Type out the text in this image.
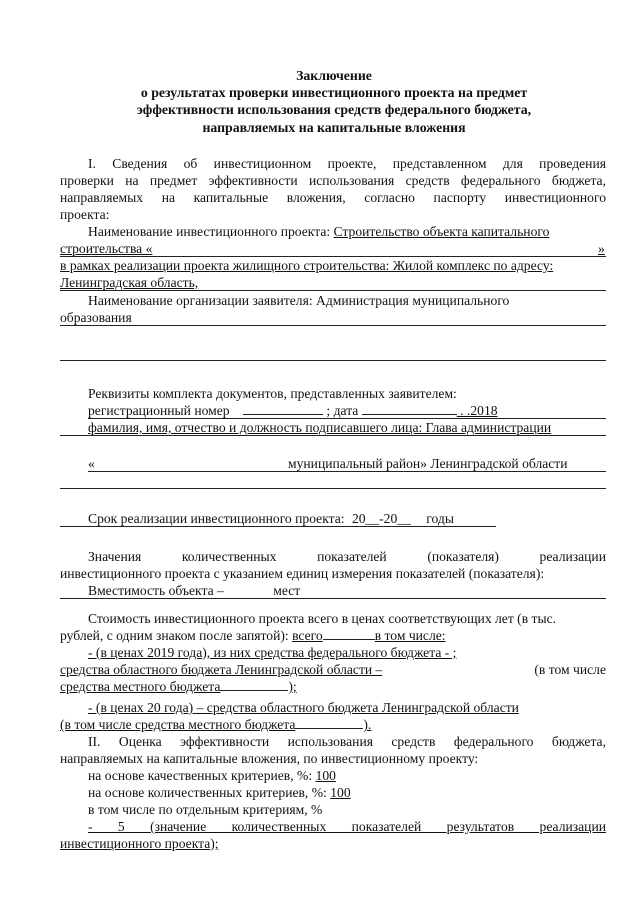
Заключение
о результатах проверки инвестиционного проекта на предмет
эффективности использования средств федерального бюджета,
направляемых на капитальные вложения
I. Сведения об инвестиционном проекте, представленном для проведения
проверки на предмет эффективности использования средств федерального бюджета,
направляемых на капитальные вложения, согласно паспорту инвестиционного
проекта:
Наименование инвестиционного проекта: Строительство объекта капитального
строительства «	»
в рамках реализации проекта жилищного строительства: Жилой комплекс по адресу:
Ленинградская область,
Наименование организации заявителя: Администрация муниципального
образования
Реквизиты комплекта документов, представленных заявителем:
регистрационный номер	; дата	. .2018
фамилия, имя, отчество и должность подписавшего лица: Глава администрации
«	муниципальный район» Ленинградской области
Срок реализации инвестиционного проекта: 20__-20__ годы
Значения количественных показателей (показателя) реализации
инвестиционного проекта с указанием единиц измерения показателей (показателя):
Вместимость объекта –	мест
Стоимость инвестиционного проекта всего в ценах соответствующих лет (в тыс.
рублей, с одним знаком после запятой): всего	в том числе:
- (в ценах 2019 года), из них средства федерального бюджета - ;
средства областного бюджета Ленинградской области –	(в том числе
средства местного бюджета	);
- (в ценах 20 года) – средства областного бюджета Ленинградской области
(в том числе средства местного бюджета	).
II. Оценка эффективности использования средств федерального бюджета,
направляемых на капитальные вложения, по инвестиционному проекту:
на основе качественных критериев, %: 100
на основе количественных критериев, %: 100
в том числе по отдельным критериям, %
- 5 (значение количественных показателей результатов реализации
инвестиционного проекта);
